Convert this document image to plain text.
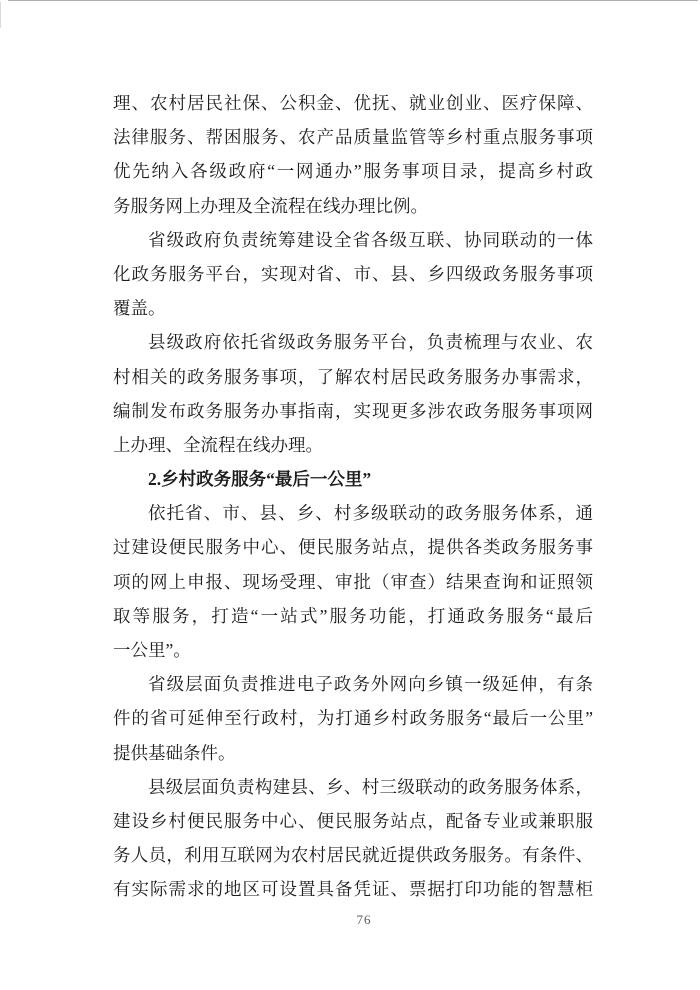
理、农村居民社保、公积金、优抚、就业创业、医疗保障、
法律服务、帮困服务、农产品质量监管等乡村重点服务事项
优先纳入各级政府“一网通办”服务事项目录，提高乡村政
务服务网上办理及全流程在线办理比例。
省级政府负责统筹建设全省各级互联、协同联动的一体
化政务服务平台，实现对省、市、县、乡四级政务服务事项
覆盖。
县级政府依托省级政务服务平台，负责梳理与农业、农
村相关的政务服务事项，了解农村居民政务服务办事需求，
编制发布政务服务办事指南，实现更多涉农政务服务事项网
上办理、全流程在线办理。
2.乡村政务服务“最后一公里”
依托省、市、县、乡、村多级联动的政务服务体系，通
过建设便民服务中心、便民服务站点，提供各类政务服务事
项的网上申报、现场受理、审批（审查）结果查询和证照领
取等服务，打造“一站式”服务功能，打通政务服务“最后
一公里”。
省级层面负责推进电子政务外网向乡镇一级延伸，有条
件的省可延伸至行政村，为打通乡村政务服务“最后一公里”
提供基础条件。
县级层面负责构建县、乡、村三级联动的政务服务体系，
建设乡村便民服务中心、便民服务站点，配备专业或兼职服
务人员，利用互联网为农村居民就近提供政务服务。有条件、
有实际需求的地区可设置具备凭证、票据打印功能的智慧柜
76
